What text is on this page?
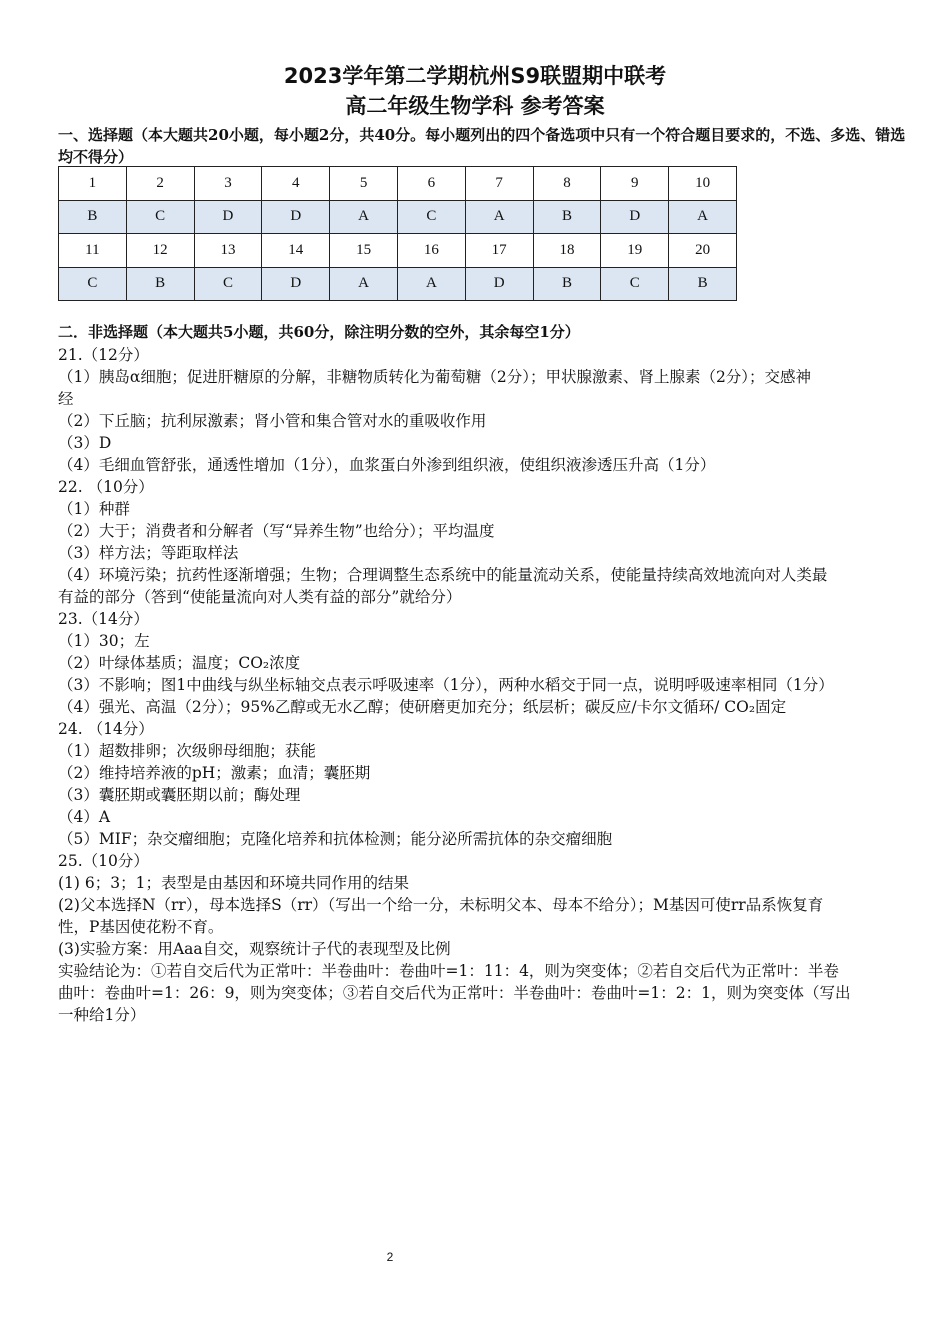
2023学年第二学期杭州S9联盟期中联考
高二年级生物学科 参考答案
一、选择题（本大题共20小题，每小题2分，共40分。每小题列出的四个备选项中只有一个符合题目要求的，不选、多选、错选均不得分）
1	2	3	4	5	6	7	8	9	10
B	C	D	D	A	C	A	B	D	A
11	12	13	14	15	16	17	18	19	20
C	B	C	D	A	A	D	B	C	B
二．非选择题（本大题共5小题，共60分，除注明分数的空外，其余每空1分）
21.（12分）
（1）胰岛α细胞；促进肝糖原的分解，非糖物质转化为葡萄糖（2分）；甲状腺激素、肾上腺素（2分）；交感神
经
（2）下丘脑；抗利尿激素；肾小管和集合管对水的重吸收作用
（3）D
（4）毛细血管舒张，通透性增加（1分），血浆蛋白外渗到组织液，使组织液渗透压升高（1分）
22. （10分）
（1）种群
（2）大于；消费者和分解者（写“异养生物”也给分）；平均温度
（3）样方法；等距取样法
（4）环境污染；抗药性逐渐增强；生物；合理调整生态系统中的能量流动关系，使能量持续高效地流向对人类最
有益的部分（答到“使能量流向对人类有益的部分”就给分）
23.（14分）
（1）30；左
（2）叶绿体基质；温度；CO₂浓度
（3）不影响；图1中曲线与纵坐标轴交点表示呼吸速率（1分），两种水稻交于同一点，说明呼吸速率相同（1分）
（4）强光、高温（2分）；95%乙醇或无水乙醇；使研磨更加充分；纸层析；碳反应/卡尔文循环/ CO₂固定
24. （14分）
（1）超数排卵；次级卵母细胞；获能
（2）维持培养液的pH；激素；血清；囊胚期
（3）囊胚期或囊胚期以前；酶处理
（4）A
（5）MIF；杂交瘤细胞；克隆化培养和抗体检测；能分泌所需抗体的杂交瘤细胞
25.（10分）
(1) 6；3；1；表型是由基因和环境共同作用的结果
(2)父本选择N（rr），母本选择S（rr）（写出一个给一分，未标明父本、母本不给分）；M基因可使rr品系恢复育
性，P基因使花粉不育。
(3)实验方案：用Aaa自交，观察统计子代的表现型及比例
实验结论为：①若自交后代为正常叶：半卷曲叶：卷曲叶=1：11：4，则为突变体；②若自交后代为正常叶：半卷
曲叶：卷曲叶=1：26：9，则为突变体；③若自交后代为正常叶：半卷曲叶：卷曲叶=1：2：1，则为突变体（写出
一种给1分）
2
